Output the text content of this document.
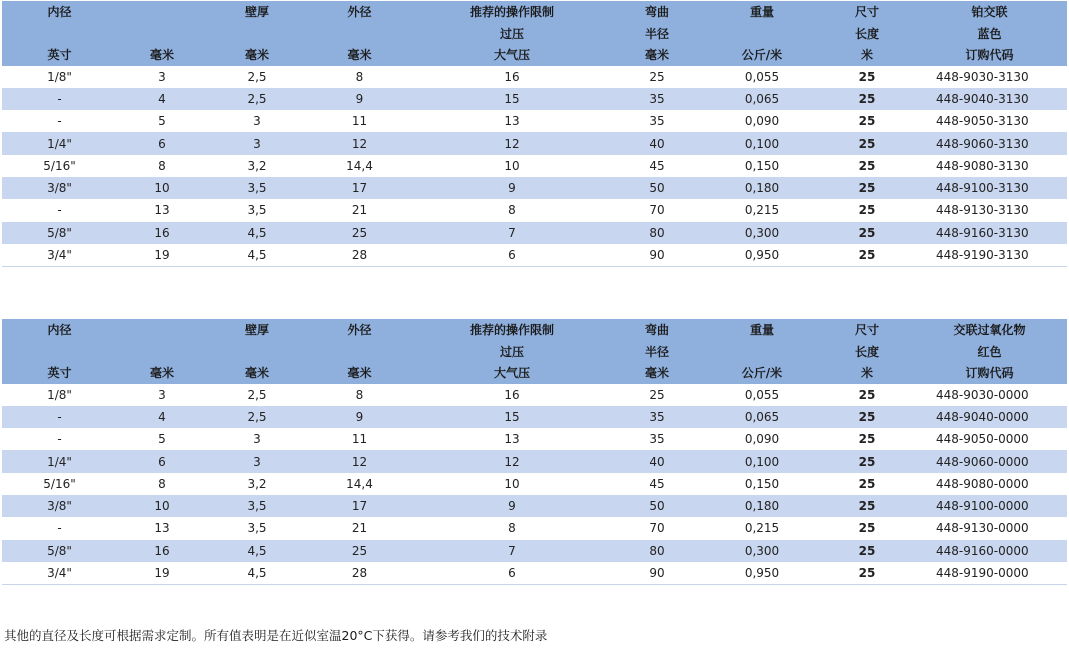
内径		壁厚	外径	推荐的操作限制	弯曲	重量	尺寸	铂交联
				过压	半径		长度	蓝色
英寸	毫米	毫米	毫米	大气压	毫米	公斤/米	米	订购代码
1/8"	3	2,5	8	16	25	0,055	25	448-9030-3130
-	4	2,5	9	15	35	0,065	25	448-9040-3130
-	5	3	11	13	35	0,090	25	448-9050-3130
1/4"	6	3	12	12	40	0,100	25	448-9060-3130
5/16"	8	3,2	14,4	10	45	0,150	25	448-9080-3130
3/8"	10	3,5	17	9	50	0,180	25	448-9100-3130
-	13	3,5	21	8	70	0,215	25	448-9130-3130
5/8"	16	4,5	25	7	80	0,300	25	448-9160-3130
3/4"	19	4,5	28	6	90	0,950	25	448-9190-3130
内径		壁厚	外径	推荐的操作限制	弯曲	重量	尺寸	交联过氧化物
				过压	半径		长度	红色
英寸	毫米	毫米	毫米	大气压	毫米	公斤/米	米	订购代码
1/8"	3	2,5	8	16	25	0,055	25	448-9030-0000
-	4	2,5	9	15	35	0,065	25	448-9040-0000
-	5	3	11	13	35	0,090	25	448-9050-0000
1/4"	6	3	12	12	40	0,100	25	448-9060-0000
5/16"	8	3,2	14,4	10	45	0,150	25	448-9080-0000
3/8"	10	3,5	17	9	50	0,180	25	448-9100-0000
-	13	3,5	21	8	70	0,215	25	448-9130-0000
5/8"	16	4,5	25	7	80	0,300	25	448-9160-0000
3/4"	19	4,5	28	6	90	0,950	25	448-9190-0000
其他的直径及长度可根据需求定制。所有值表明是在近似室温20°C下获得。请参考我们的技术附录
